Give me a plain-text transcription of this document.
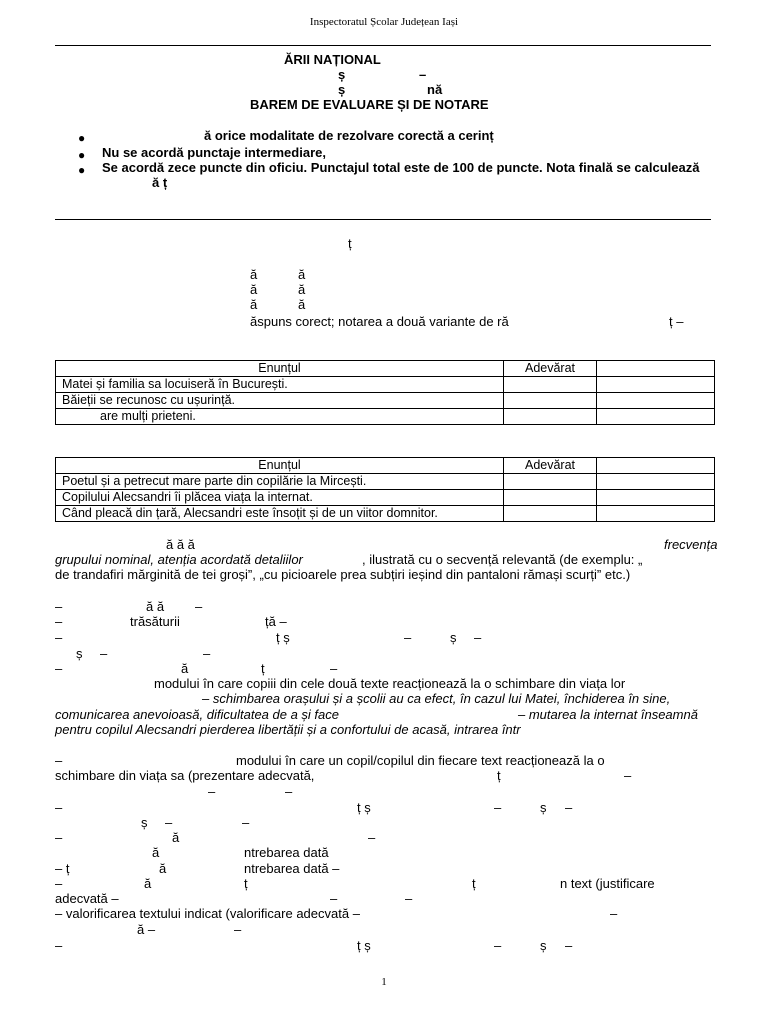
Inspectoratul Școlar Județean Iași
ĂRII NAȚIONAL
ș	–
ș	nă
BAREM DE EVALUARE ȘI DE NOTARE
●	ă orice modalitate de rezolvare corectă a cerinț
● Nu se acordă punctaje intermediare,
● Se acordă zece puncte din oficiu. Punctajul total este de 100 de puncte. Nota finală se calculează
ă ț
ț
ă	ă
ă	ă
ă	ă
ăspuns corect; notarea a două variante de ră	ț –
Enunțul	Adevărat	
Matei și familia sa locuiseră în București.		
Băieții se recunosc cu ușurință.		
are mulți prieteni.		
Enunțul	Adevărat	
Poetul și a petrecut mare parte din copilărie la Mircești.		
Copilului Alecsandri îi plăcea viața la internat.		
Când pleacă din țară, Alecsandri este însoțit și de un viitor domnitor.		
ă ă ă	frecvența
grupului nominal, atenția acordată detaliilor	, ilustrată cu o secvență relevantă (de exemplu: „
de trandafiri mărginită de tei groși”, „cu picioarele prea subțiri ieșind din pantaloni rămași scurți” etc.)
–	ă ă –
–	trăsăturii	ță –
–	ț ș	–	ș –
ș –	–
–	ă	ț	–
modului în care copiii din cele două texte reacționează la o schimbare din viața lor
– schimbarea orașului și a școlii au ca efect, în cazul lui Matei, închiderea în sine,
comunicarea anevoioasă, dificultatea de a și face	– mutarea la internat înseamnă
pentru copilul Alecsandri pierderea libertății și a confortului de acasă, intrarea într
–	modului în care un copil/copilul din fiecare text reacționează la o
schimbare din viața sa (prezentare adecvată,	ț	–
–	–
–	ț ș	–	ș –
ș –	–
–	ă	–
ă	ntrebarea dată
– ț	ă	ntrebarea dată –
–	ă	ț	ț	n text (justificare
adecvată –	–	–
– valorificarea textului indicat (valorificare adecvată –	–
ă –	–
–	ț ș	–	ș –
1
